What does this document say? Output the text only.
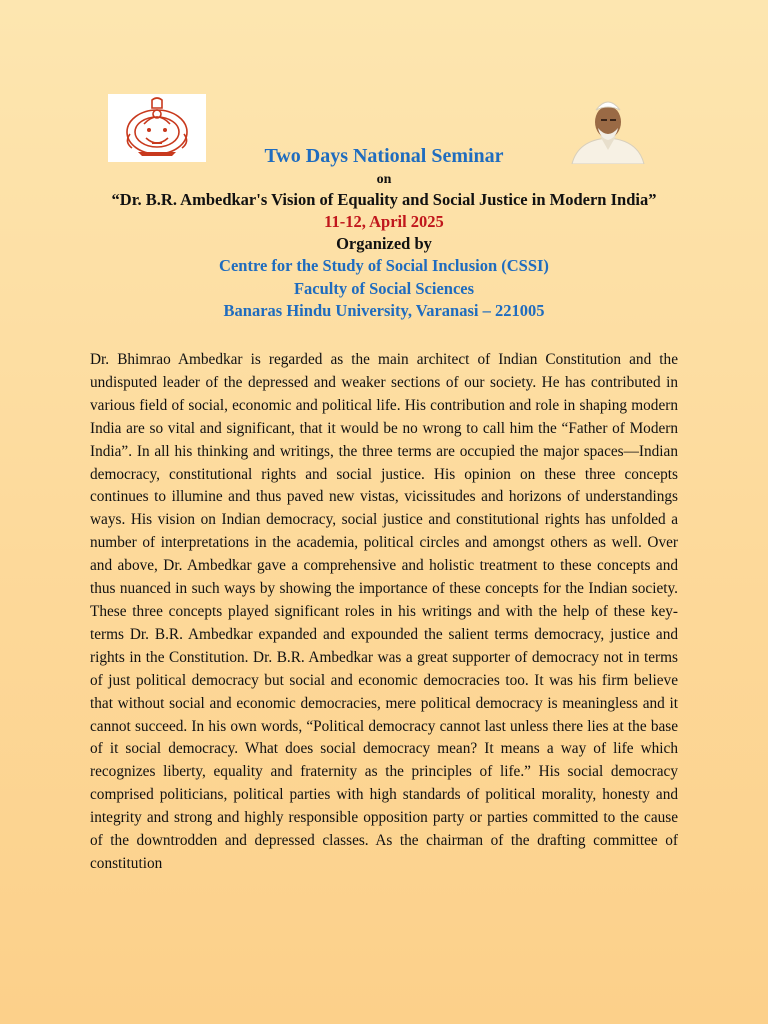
Two Days National Seminar

on

“Dr. B.R. Ambedkar's Vision of Equality and Social Justice in Modern India”

11-12, April 2025

Organized by

Centre for the Study of Social Inclusion (CSSI)

Faculty of Social Sciences

Banaras Hindu University, Varanasi – 221005

Dr. Bhimrao Ambedkar is regarded as the main architect of Indian Constitution and the undisputed leader of the depressed and weaker sections of our society. He has contributed in various field of social, economic and political life. His contribution and role in shaping modern India are so vital and significant, that it would be no wrong to call him the “Father of Modern India”. In all his thinking and writings, the three terms are occupied the major spaces—Indian democracy, constitutional rights and social justice. His opinion on these three concepts continues to illumine and thus paved new vistas, vicissitudes and horizons of understandings ways. His vision on Indian democracy, social justice and constitutional rights has unfolded a number of interpretations in the academia, political circles and amongst others as well. Over and above, Dr. Ambedkar gave a comprehensive and holistic treatment to these concepts and thus nuanced in such ways by showing the importance of these concepts for the Indian society. These three concepts played significant roles in his writings and with the help of these key-terms Dr. B.R. Ambedkar expanded and expounded the salient terms democracy, justice and rights in the Constitution. Dr. B.R. Ambedkar was a great supporter of democracy not in terms of just political democracy but social and economic democracies too. It was his firm believe that without social and economic democracies, mere political democracy is meaningless and it cannot succeed. In his own words, “Political democracy cannot last unless there lies at the base of it social democracy. What does social democracy mean? It means a way of life which recognizes liberty, equality and fraternity as the principles of life.” His social democracy comprised politicians, political parties with high standards of political morality, honesty and integrity and strong and highly responsible opposition party or parties committed to the cause of the downtrodden and depressed classes. As the chairman of the drafting committee of constitution
